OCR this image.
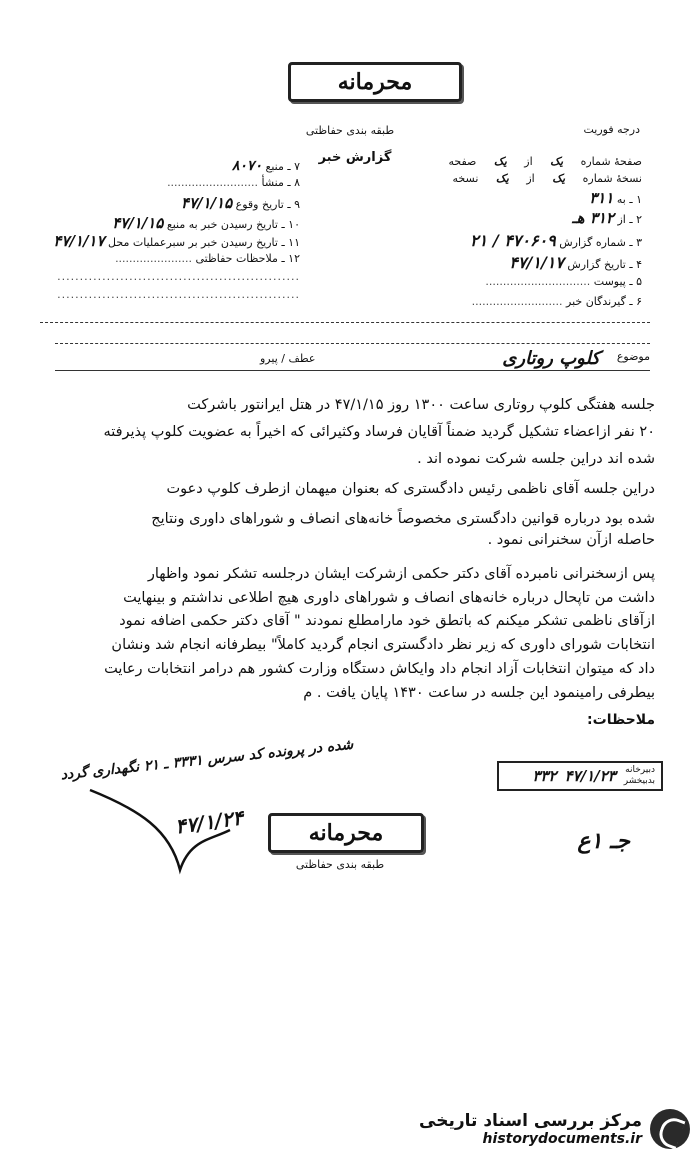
محرمانه
طبقه بندی حفاظتی	درجه فوریت
گزارش خبر	صفحهٔ شماره یک از یک صفحه
نسخهٔ شماره یک از یک نسخه
۱ ـ به ۳۱۱
۲ ـ از ۳۱۲ هـ
۳ ـ شماره گزارش ۴۷۰۶۰۹ / ۲۱
۴ ـ تاریخ گزارش ۴۷/۱/۱۷
۵ ـ پیوست ..............................
۶ ـ گیرندگان خبر ..........................
۷ ـ منبع ۸۰۷۰
۸ ـ منشأ ..........................
۹ ـ تاریخ وقوع ۴۷/۱/۱۵
۱۰ ـ تاریخ رسیدن خبر به منبع ۴۷/۱/۱۵
۱۱ ـ تاریخ رسیدن خبر بر سبرعملیات محل ۴۷/۱/۱۷
۱۲ ـ ملاحظات حفاظتی ......................
......................................................
......................................................
موضوع
کلوپ روتاری
عطف / پیرو
جلسه هفتگی کلوپ روتاری ساعت ۱۳۰۰ روز ۴۷/۱/۱۵ در هتل ایرانتور باشرکت
۲۰ نفر ازاعضاء تشکیل گردید ضمناً آقایان فرساد وکثیرائی که اخیراً به عضویت کلوپ پذیرفته
شده اند دراین جلسه شرکت نموده اند .
دراین جلسه آقای ناظمی رئیس دادگستری که بعنوان میهمان ازطرف کلوپ دعوت
شده بود درباره قوانین دادگستری مخصوصاً خانه‌های انصاف و شوراهای داوری ونتایج
حاصله ازآن سخنرانی نمود .
پس ازسخنرانی نامبرده آقای دکتر حکمی ازشرکت ایشان درجلسه تشکر نمود واظهار
داشت من تاپحال درباره خانه‌های انصاف و شوراهای داوری هیچ اطلاعی نداشتم و بینهایت
ازآقای ناظمی تشکر میکنم که باتطق خود مارامطلع نمودند " آقای دکتر حکمی اضافه نمود
انتخابات شورای داوری که زیر نظر دادگستری انجام گردید کاملاً" بیطرفانه انجام شد ونشان
داد که میتوان انتخابات آزاد انجام داد وایکاش دستگاه وزارت کشور هم درامر انتخابات رعایت
بیطرفی رامینمود این جلسه در ساعت ۱۴۳۰ پایان یافت . م
ملاحظات:
شده در پرونده کد سرس ۳۳۳۱ ـ ۲۱ نگهداری گردد
۴۷/۱/۲۴
دبیرخانه
بدبیخشر
۴۷/۱/۲۳
۳۳۲
جـ ۱ع
محرمانه
طبقه بندی حفاظتی
مرکز بررسی اسناد تاریخی
historydocuments.ir
